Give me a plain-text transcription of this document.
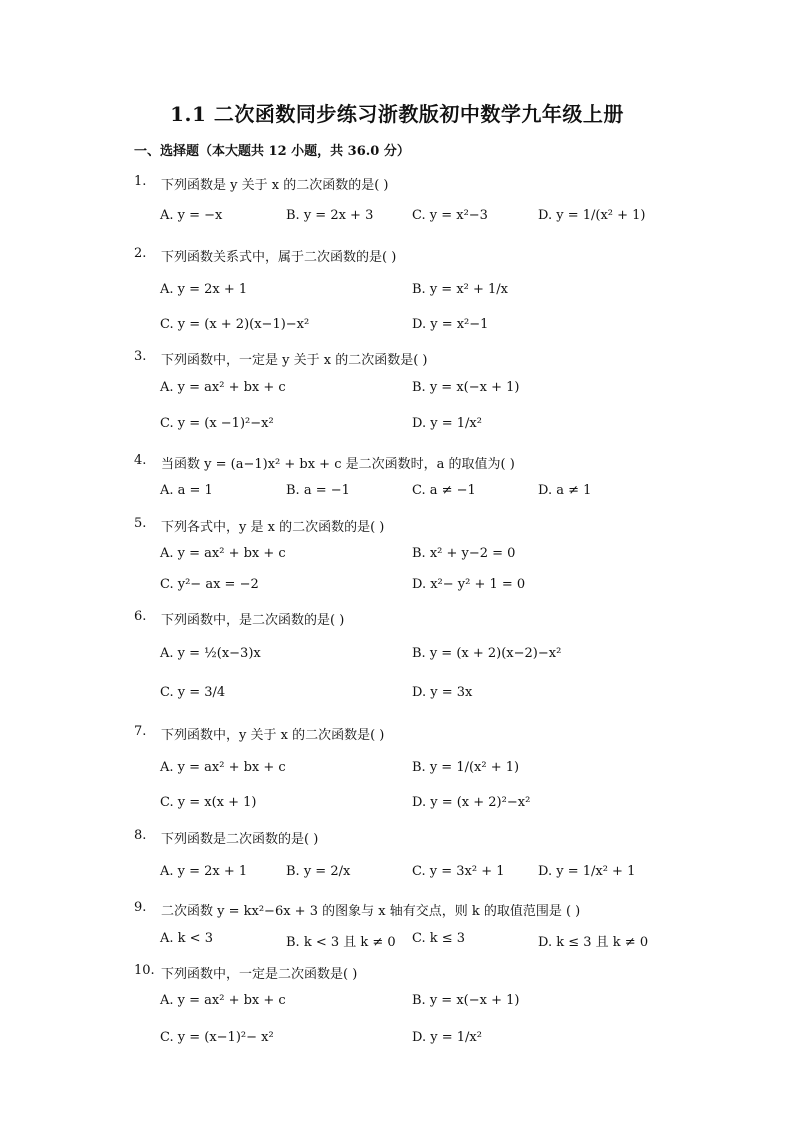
1.1 二次函数同步练习浙教版初中数学九年级上册
一、选择题（本大题共 12 小题，共 36.0 分）
1.	下列函数是 y 关于 x 的二次函数的是( )
A. y = −x	B. y = 2x + 3	C. y = x²−3	D. y = 1/(x² + 1)
2.	下列函数关系式中，属于二次函数的是( )
A. y = 2x + 1	B. y = x² + 1/x
C. y = (x + 2)(x−1)−x²	D. y = x²−1
3.	下列函数中，一定是 y 关于 x 的二次函数是( )
A. y = ax² + bx + c	B. y = x(−x + 1)
C. y = (x −1)²−x²	D. y = 1/x²
4.	当函数 y = (a−1)x² + bx + c 是二次函数时，a 的取值为( )
A. a = 1	B. a = −1	C. a ≠ −1	D. a ≠ 1
5.	下列各式中，y 是 x 的二次函数的是( )
A. y = ax² + bx + c	B. x² + y−2 = 0
C. y²− ax = −2	D. x²− y² + 1 = 0
6.	下列函数中，是二次函数的是( )
A. y = ½(x−3)x	B. y = (x + 2)(x−2)−x²
C. y = 3/4	D. y = 3x
7.	下列函数中，y 关于 x 的二次函数是( )
A. y = ax² + bx + c	B. y = 1/(x² + 1)
C. y = x(x + 1)	D. y = (x + 2)²−x²
8.	下列函数是二次函数的是( )
A. y = 2x + 1	B. y = 2/x	C. y = 3x² + 1	D. y = 1/x² + 1
9.	二次函数 y = kx²−6x + 3 的图象与 x 轴有交点，则 k 的取值范围是 ( )
A. k < 3	B. k < 3 且 k ≠ 0 C. k ≤ 3	D. k ≤ 3 且 k ≠ 0
10. 下列函数中，一定是二次函数是( )
A. y = ax² + bx + c	B. y = x(−x + 1)
C. y = (x−1)²− x²	D. y = 1/x²
